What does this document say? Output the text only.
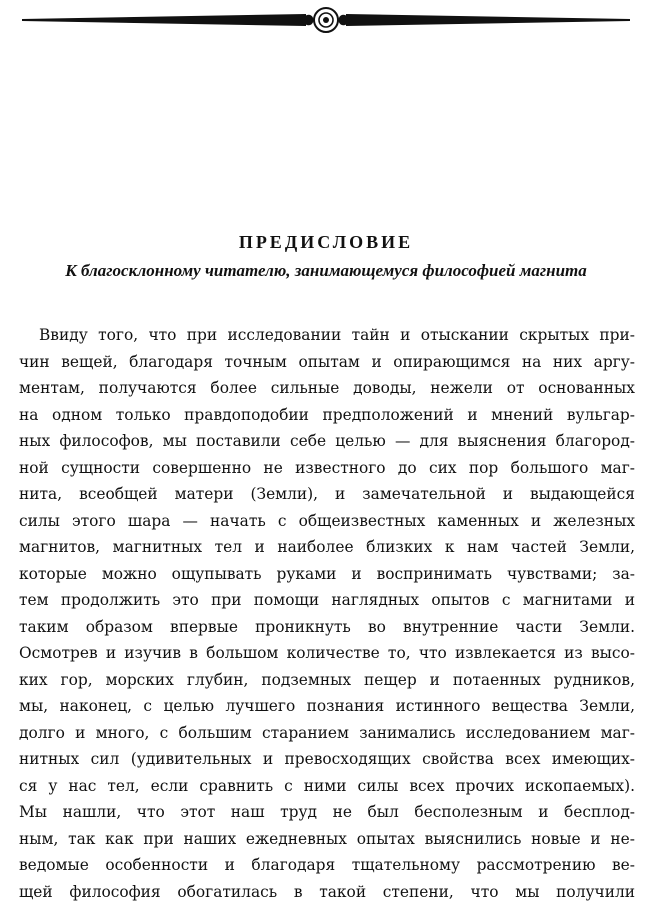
ПРЕДИСЛОВИЕ
К благосклонному читателю, занимающемуся философией магнита
Ввиду того, что при исследовании тайн и отыскании скрытых при-
чин вещей, благодаря точным опытам и опирающимся на них аргу-
ментам, получаются более сильные доводы, нежели от основанных
на одном только правдоподобии предположений и мнений вульгар-
ных философов, мы поставили себе целью — для выяснения благород-
ной сущности совершенно не известного до сих пор большого маг-
нита, всеобщей матери (Земли), и замечательной и выдающейся
силы этого шара — начать с общеизвестных каменных и железных
магнитов, магнитных тел и наиболее близких к нам частей Земли,
которые можно ощупывать руками и воспринимать чувствами; за-
тем продолжить это при помощи наглядных опытов с магнитами и
таким образом впервые проникнуть во внутренние части Земли.
Осмотрев и изучив в большом количестве то, что извлекается из высо-
ких гор, морских глубин, подземных пещер и потаенных рудников,
мы, наконец, с целью лучшего познания истинного вещества Земли,
долго и много, с большим старанием занимались исследованием маг-
нитных сил (удивительных и превосходящих свойства всех имеющих-
ся у нас тел, если сравнить с ними силы всех прочих ископаемых).
Мы нашли, что этот наш труд не был бесполезным и бесплод-
ным, так как при наших ежедневных опытах выяснились новые и не-
ведомые особенности и благодаря тщательному рассмотрению ве-
щей философия обогатилась в такой степени, что мы получили
